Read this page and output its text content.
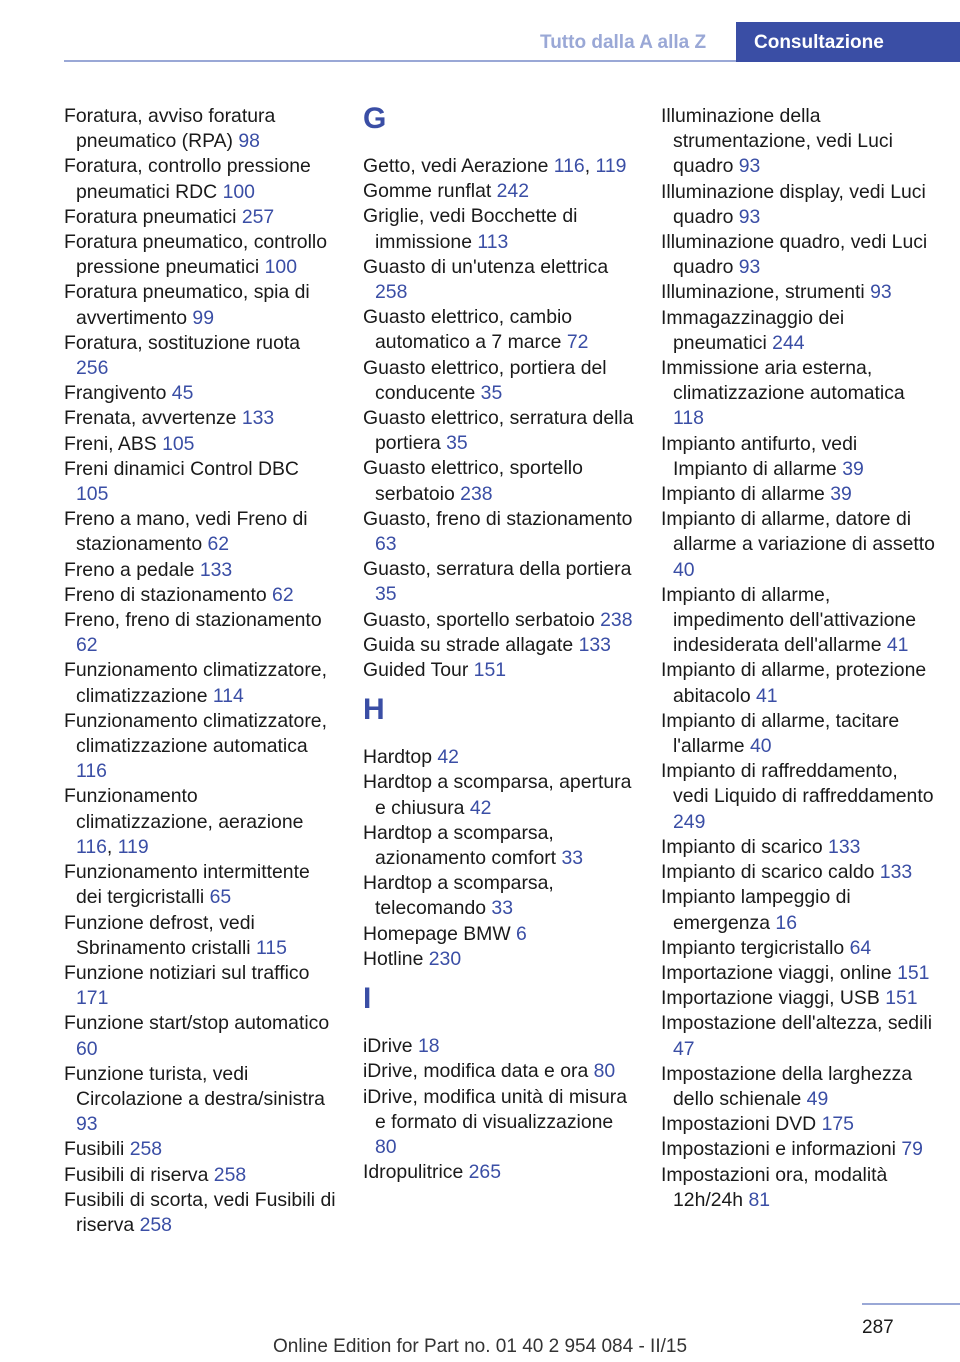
Tutto dalla A alla Z	Consultazione
Foratura, avviso foratura pneumatico (RPA) 98
Foratura, controllo pressione pneumatici RDC 100
Foratura pneumatici 257
Foratura pneumatico, controllo pressione pneumatici 100
Foratura pneumatico, spia di avvertimento 99
Foratura, sostituzione ruota 256
Frangivento 45
Frenata, avvertenze 133
Freni, ABS 105
Freni dinamici Control DBC 105
Freno a mano, vedi Freno di stazionamento 62
Freno a pedale 133
Freno di stazionamento 62
Freno, freno di stazionamento 62
Funzionamento climatizzatore, climatizzazione 114
Funzionamento climatizzatore, climatizzazione automatica 116
Funzionamento climatizzazione, aerazione 116, 119
Funzionamento intermittente dei tergicristalli 65
Funzione defrost, vedi Sbrinamento cristalli 115
Funzione notiziari sul traffico 171
Funzione start/stop automatico 60
Funzione turista, vedi Circolazione a destra/sinistra 93
Fusibili 258
Fusibili di riserva 258
Fusibili di scorta, vedi Fusibili di riserva 258
G
Getto, vedi Aerazione 116, 119
Gomme runflat 242
Griglie, vedi Bocchette di immissione 113
Guasto di un'utenza elettrica 258
Guasto elettrico, cambio automatico a 7 marce 72
Guasto elettrico, portiera del conducente 35
Guasto elettrico, serratura della portiera 35
Guasto elettrico, sportello serbatoio 238
Guasto, freno di stazionamento 63
Guasto, serratura della portiera 35
Guasto, sportello serbatoio 238
Guida su strade allagate 133
Guided Tour 151
H
Hardtop 42
Hardtop a scomparsa, apertura e chiusura 42
Hardtop a scomparsa, azionamento comfort 33
Hardtop a scomparsa, telecomando 33
Homepage BMW 6
Hotline 230
I
iDrive 18
iDrive, modifica data e ora 80
iDrive, modifica unità di misura e formato di visualizzazione 80
Idropulitrice 265
Illuminazione della strumentazione, vedi Luci quadro 93
Illuminazione display, vedi Luci quadro 93
Illuminazione quadro, vedi Luci quadro 93
Illuminazione, strumenti 93
Immagazzinaggio dei pneumatici 244
Immissione aria esterna, climatizzazione automatica 118
Impianto antifurto, vedi Impianto di allarme 39
Impianto di allarme 39
Impianto di allarme, datore di allarme a variazione di assetto 40
Impianto di allarme, impedimento dell'attivazione indesiderata dell'allarme 41
Impianto di allarme, protezione abitacolo 41
Impianto di allarme, tacitare l'allarme 40
Impianto di raffreddamento, vedi Liquido di raffreddamento 249
Impianto di scarico 133
Impianto di scarico caldo 133
Impianto lampeggio di emergenza 16
Impianto tergicristallo 64
Importazione viaggi, online 151
Importazione viaggi, USB 151
Impostazione dell'altezza, sedili 47
Impostazione della larghezza dello schienale 49
Impostazioni DVD 175
Impostazioni e informazioni 79
Impostazioni ora, modalità 12h/24h 81
287
Online Edition for Part no. 01 40 2 954 084 - II/15
